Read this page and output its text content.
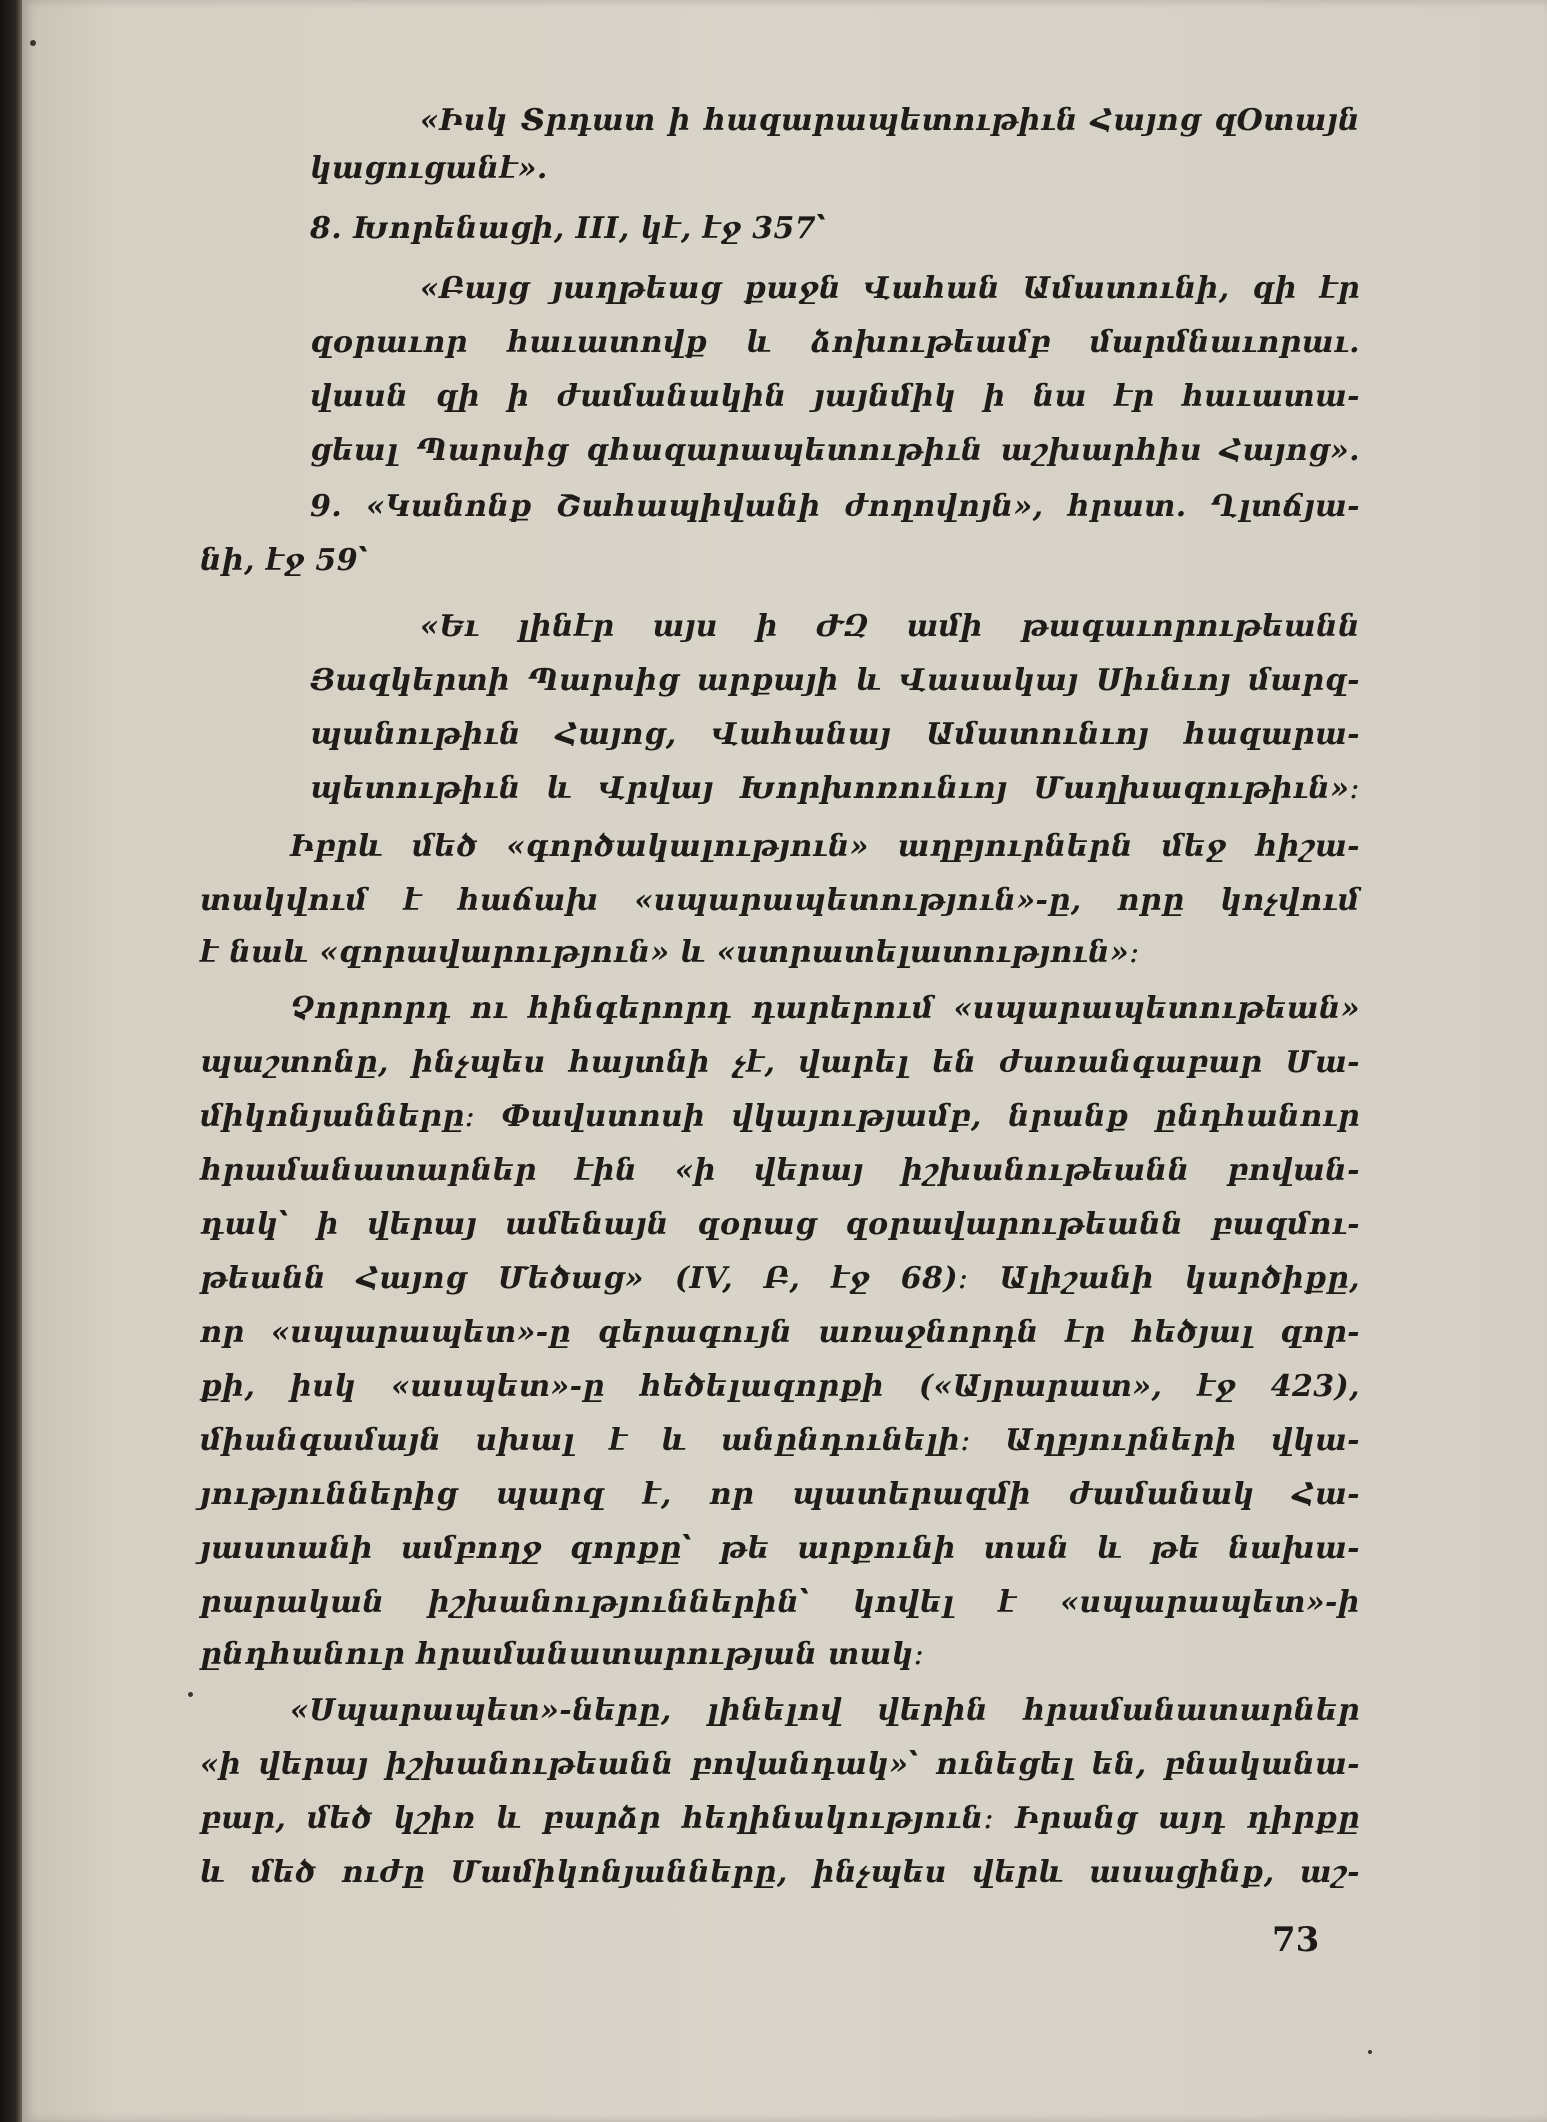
«Իսկ Տրդատ ի հազարապետութիւն Հայոց զՕտայն

կացուցանէ».

8. Խորենացի, III, կէ, էջ 357՝

«Բայց յաղթեաց քաջն Վահան Ամատունի, զի էր

զօրաւոր հաւատովք և ձոխութեամբ մարմնաւորաւ.

վասն զի ի ժամանակին յայնմիկ ի նա էր հաւատա-

ցեալ Պարսից զհազարապետութիւն աշխարհիս Հայոց».

9. «Կանոնք Շահապիվանի ժողովոյն», հրատ. Ղլտճյա-

նի, էջ 59՝

«Եւ լինէր այս ի ԺԶ ամի թագաւորութեանն

Յազկերտի Պարսից արքայի և Վասակայ Սիւնւոյ մարզ-

պանութիւն Հայոց, Վահանայ Ամատունւոյ հազարա-

պետութիւն և Վրվայ Խորխոռունւոյ Մաղխազութիւն»։

Իբրև մեծ «գործակալություն» աղբյուրներն մեջ հիշա-

տակվում է հաճախ «սպարապետություն»-ը, որը կոչվում

է նաև «զորավարություն» և «ստրատելատություն»։

Չորրորդ ու հինգերորդ դարերում «սպարապետութեան»

պաշտոնը, ինչպես հայտնի չէ, վարել են ժառանգաբար Մա-

միկոնյանները։ Փավստոսի վկայությամբ, նրանք ընդհանուր

հրամանատարներ էին «ի վերայ իշխանութեանն բովան-

դակ՝ ի վերայ ամենայն զօրաց զօրավարութեանն բազմու-

թեանն Հայոց Մեծաց» (IV, Բ, էջ 68)։ Ալիշանի կարծիքը,

որ «սպարապետ»-ը գերագույն առաջնորդն էր հեծյալ զոր-

քի, իսկ «ասպետ»-ը հեծելազորքի («Այրարատ», էջ 423),

միանգամայն սխալ է և անընդունելի։ Աղբյուրների վկա-

յություններից պարզ է, որ պատերազմի ժամանակ Հա-

յաստանի ամբողջ զորքը՝ թե արքունի տան և թե նախա-

րարական իշխանություններին՝ կովել է «սպարապետ»-ի

ընդհանուր հրամանատարության տակ։

«Սպարապետ»-ները, լինելով վերին հրամանատարներ

«ի վերայ իշխանութեանն բովանդակ»՝ ունեցել են, բնականա-

բար, մեծ կշիռ և բարձր հեղինակություն։ Իրանց այդ դիրքը

և մեծ ուժը Մամիկոնյանները, ինչպես վերև ասացինք, աշ-

73
